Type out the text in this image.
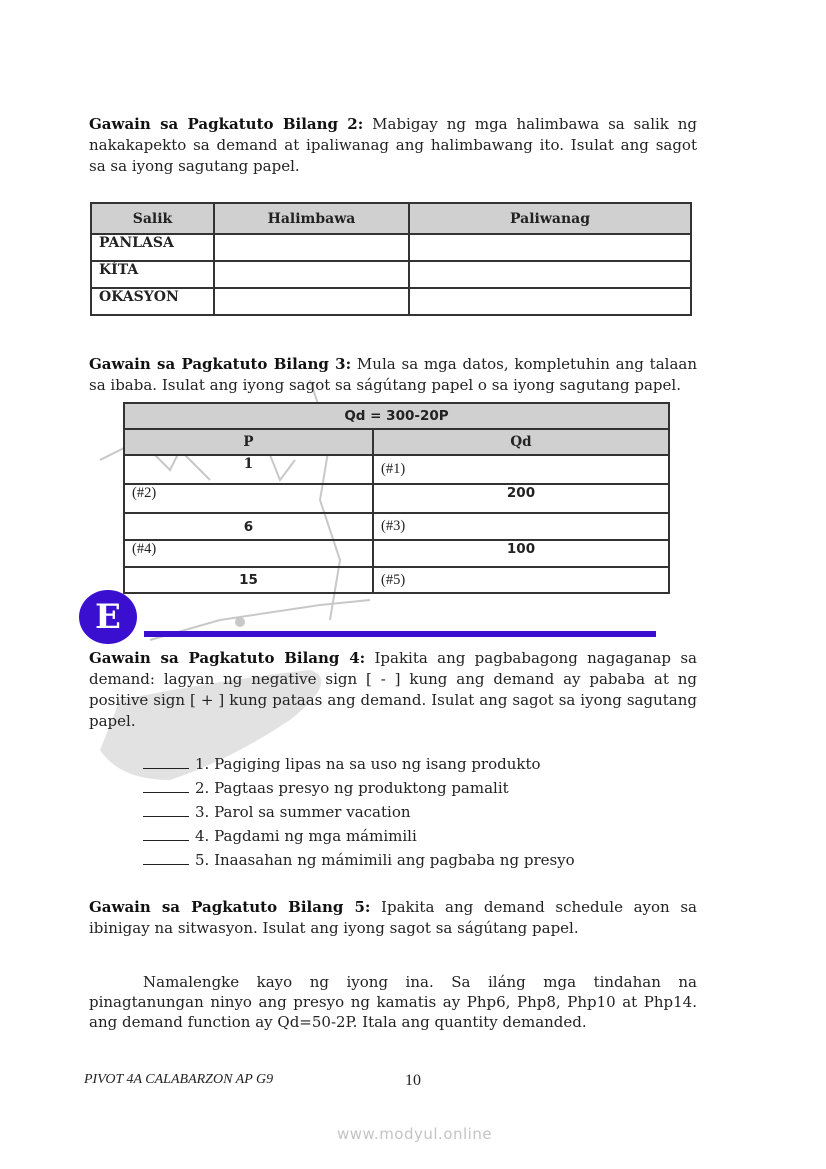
Gawain sa Pagkatuto Bilang 2: Mabigay ng mga halimbawa sa salik ng nakakapekto sa demand at ipaliwanag ang halimbawang ito. Isulat ang sagot sa sa iyong sagutang papel.
Salik	Halimbawa	Paliwanag
PANLASA		
KÍTA		
OKASYON		
Gawain sa Pagkatuto Bilang 3: Mula sa mga datos, kompletuhin ang talaan sa ibaba. Isulat ang iyong sagot sa ságútang papel o sa iyong sagutang papel.
Qd = 300-20P	
P	Qd
1	(#1)
(#2)	200
6	(#3)
(#4)	100
15	(#5)
E
Gawain sa Pagkatuto Bilang 4: Ipakita ang pagbabagong nagaganap sa demand: lagyan ng negative sign [ - ] kung ang demand ay pababa at ng positive sign [ + ] kung pataas ang demand. Isulat ang sagot sa iyong sagutang papel.
1. Pagiging lipas na sa uso ng isang produkto
2. Pagtaas presyo ng produktong pamalit
3. Parol sa summer vacation
4. Pagdami ng mga mámimili
5. Inaasahan ng mámimili ang pagbaba ng presyo
Gawain sa Pagkatuto Bilang 5: Ipakita ang demand schedule ayon sa ibinigay na sitwasyon. Isulat ang iyong sagot sa ságútang papel.
Namalengke kayo ng iyong ina. Sa iláng mga tindahan na pinagtanungan ninyo ang presyo ng kamatis ay Php6, Php8, Php10 at Php14. ang demand function ay Qd=50-2P. Itala ang quantity demanded.
PIVOT 4A CALABARZON AP G9	10
www.modyul.online
